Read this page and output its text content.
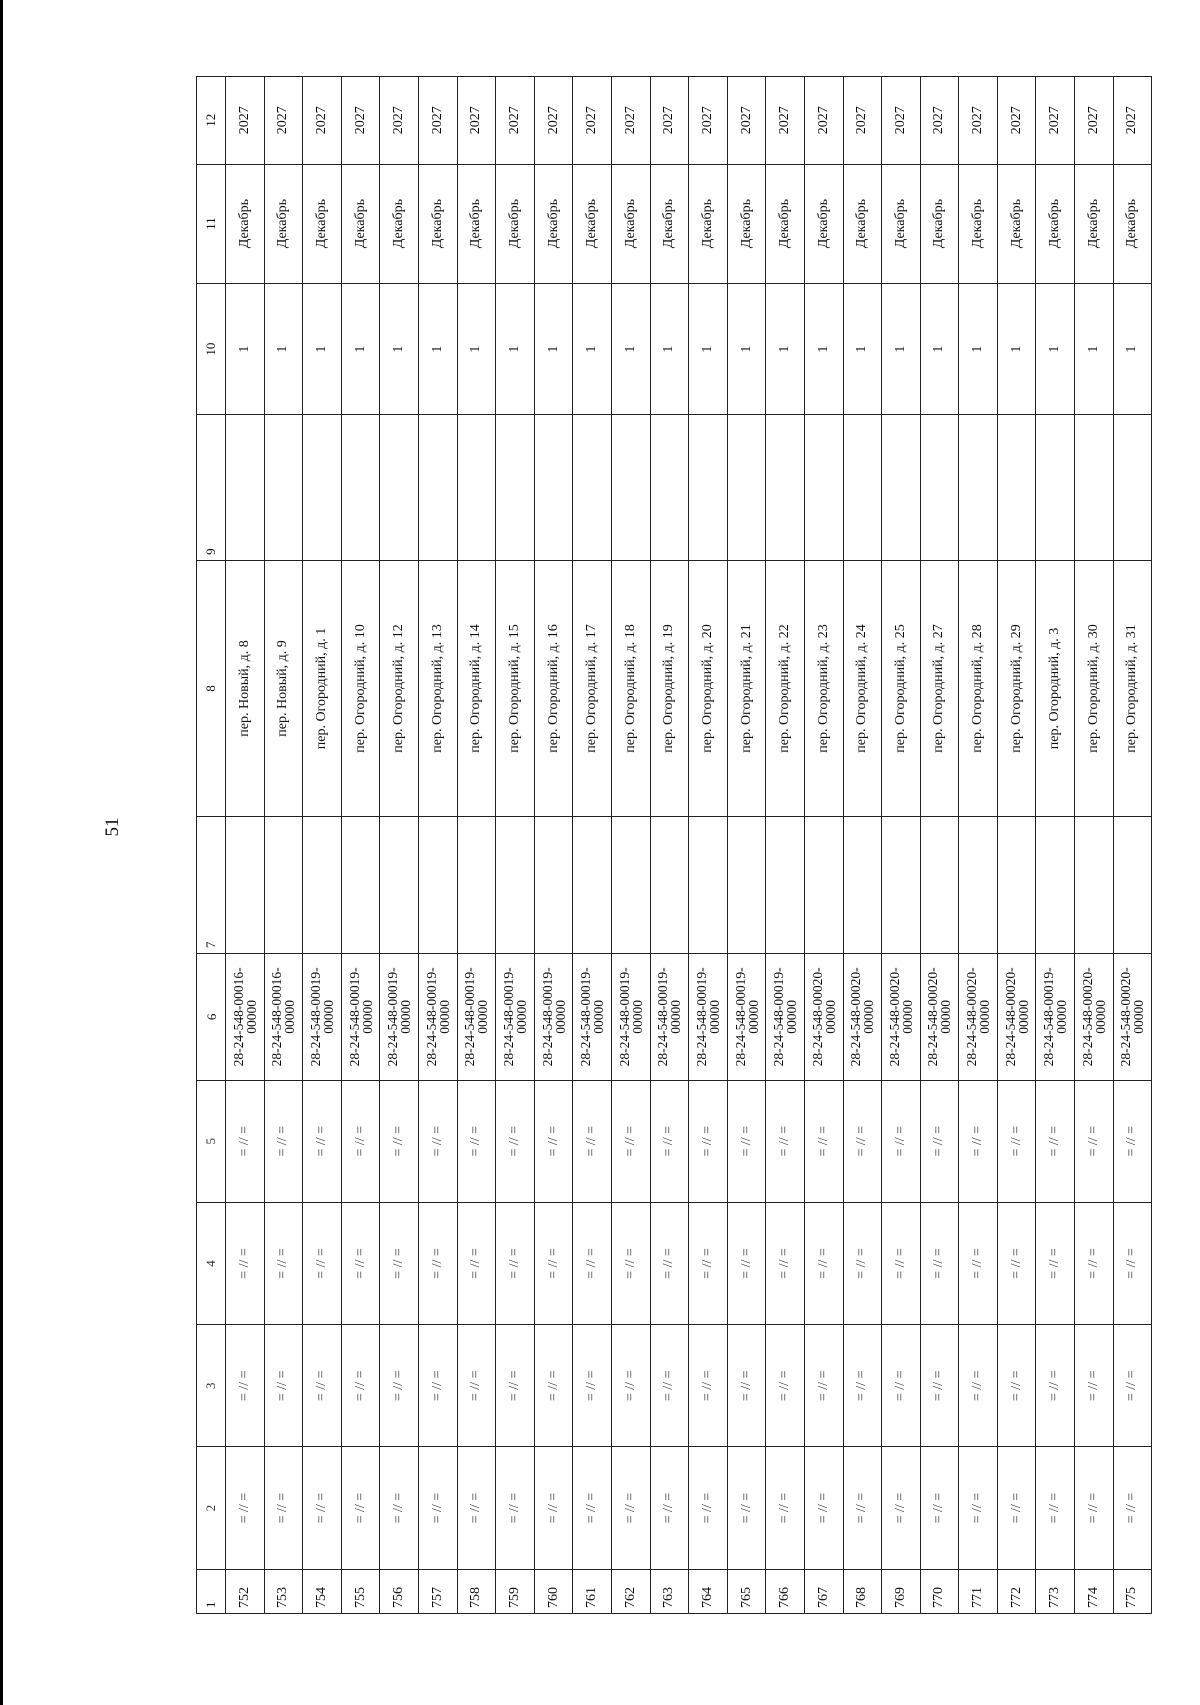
51
1	2	3	4	5	6	7	8	9	10	11	12
752	= // =	= // =	= // =	= // =	28-24-548-00016-00000		пер. Новый, д. 8		1	Декабрь	2027
753	= // =	= // =	= // =	= // =	28-24-548-00016-00000		пер. Новый, д. 9		1	Декабрь	2027
754	= // =	= // =	= // =	= // =	28-24-548-00019-00000		пер. Огородний, д. 1		1	Декабрь	2027
755	= // =	= // =	= // =	= // =	28-24-548-00019-00000		пер. Огородний, д. 10		1	Декабрь	2027
756	= // =	= // =	= // =	= // =	28-24-548-00019-00000		пер. Огородний, д. 12		1	Декабрь	2027
757	= // =	= // =	= // =	= // =	28-24-548-00019-00000		пер. Огородний, д. 13		1	Декабрь	2027
758	= // =	= // =	= // =	= // =	28-24-548-00019-00000		пер. Огородний, д. 14		1	Декабрь	2027
759	= // =	= // =	= // =	= // =	28-24-548-00019-00000		пер. Огородний, д. 15		1	Декабрь	2027
760	= // =	= // =	= // =	= // =	28-24-548-00019-00000		пер. Огородний, д. 16		1	Декабрь	2027
761	= // =	= // =	= // =	= // =	28-24-548-00019-00000		пер. Огородний, д. 17		1	Декабрь	2027
762	= // =	= // =	= // =	= // =	28-24-548-00019-00000		пер. Огородний, д. 18		1	Декабрь	2027
763	= // =	= // =	= // =	= // =	28-24-548-00019-00000		пер. Огородний, д. 19		1	Декабрь	2027
764	= // =	= // =	= // =	= // =	28-24-548-00019-00000		пер. Огородний, д. 20		1	Декабрь	2027
765	= // =	= // =	= // =	= // =	28-24-548-00019-00000		пер. Огородний, д. 21		1	Декабрь	2027
766	= // =	= // =	= // =	= // =	28-24-548-00019-00000		пер. Огородний, д. 22		1	Декабрь	2027
767	= // =	= // =	= // =	= // =	28-24-548-00020-00000		пер. Огородний, д. 23		1	Декабрь	2027
768	= // =	= // =	= // =	= // =	28-24-548-00020-00000		пер. Огородний, д. 24		1	Декабрь	2027
769	= // =	= // =	= // =	= // =	28-24-548-00020-00000		пер. Огородний, д. 25		1	Декабрь	2027
770	= // =	= // =	= // =	= // =	28-24-548-00020-00000		пер. Огородний, д. 27		1	Декабрь	2027
771	= // =	= // =	= // =	= // =	28-24-548-00020-00000		пер. Огородний, д. 28		1	Декабрь	2027
772	= // =	= // =	= // =	= // =	28-24-548-00020-00000		пер. Огородний, д. 29		1	Декабрь	2027
773	= // =	= // =	= // =	= // =	28-24-548-00019-00000		пер. Огородний, д. 3		1	Декабрь	2027
774	= // =	= // =	= // =	= // =	28-24-548-00020-00000		пер. Огородний, д. 30		1	Декабрь	2027
775	= // =	= // =	= // =	= // =	28-24-548-00020-00000		пер. Огородний, д. 31		1	Декабрь	2027
